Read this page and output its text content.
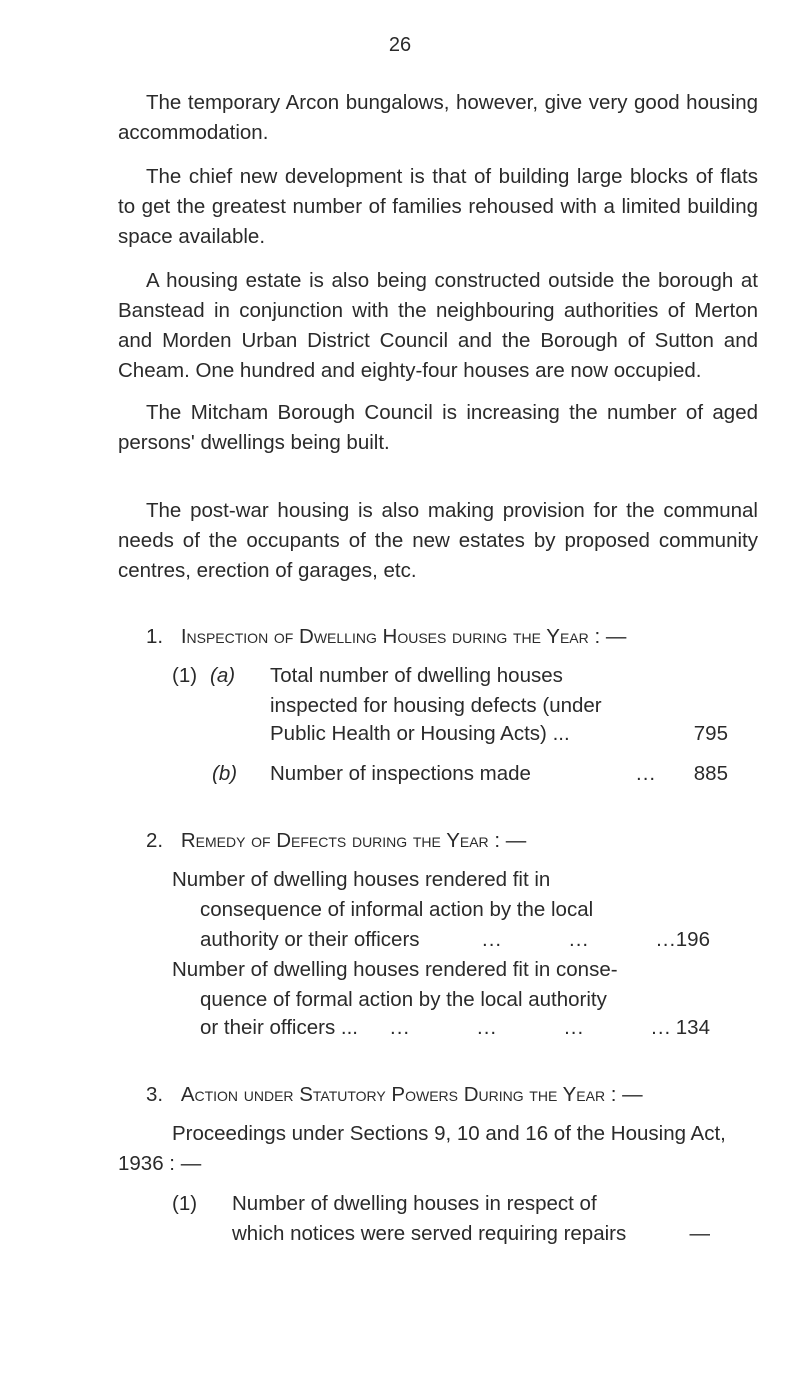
26
The temporary Arcon bungalows, however, give very good housing accommodation.
The chief new development is that of building large blocks of flats to get the greatest number of families rehoused with a limited building space available.
A housing estate is also being constructed outside the borough at Banstead in conjunction with the neighbouring authorities of Merton and Morden Urban District Council and the Borough of Sutton and Cheam. One hundred and eighty-four houses are now occupied.
The Mitcham Borough Council is increasing the number of aged persons' dwellings being built.
The post-war housing is also making provision for the communal needs of the occupants of the new estates by proposed community centres, erection of garages, etc.
1. Inspection of Dwelling Houses during the Year : —
(1) (a) Total number of dwelling houses
inspected for housing defects (under
Public Health or Housing Acts) ...	795
(b) Number of inspections made	... 885
2. Remedy of Defects during the Year : —
Number of dwelling houses rendered fit in
consequence of informal action by the local
authority or their officers	...          ...          ... 196
Number of dwelling houses rendered fit in conse-
quence of formal action by the local authority
or their officers ... ...          ...          ...          ... 134
3. Action under Statutory Powers During the Year : —
Proceedings under Sections 9, 10 and 16 of the Housing Act,
1936 : —
(1) Number of dwelling houses in respect of
which notices were served requiring repairs	—
